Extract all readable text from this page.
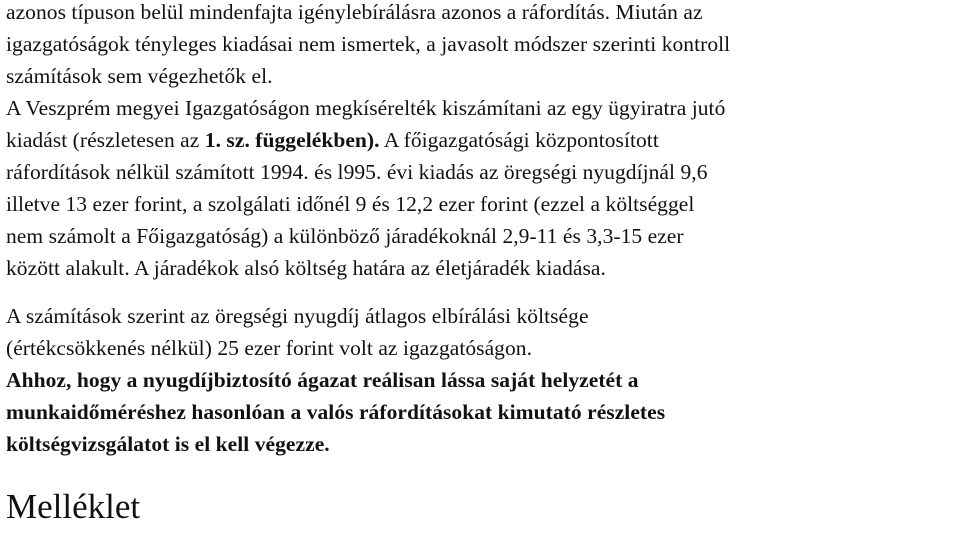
azonos típuson belül mindenfajta igénylebírálásra azonos a ráfordítás. Miután az
igazgatóságok tényleges kiadásai nem ismertek, a javasolt módszer szerinti kontroll
számítások sem végezhetők el.
A Veszprém megyei Igazgatóságon megkísérelték kiszámítani az egy ügyiratra jutó
kiadást (részletesen az 1. sz. függelékben). A főigazgatósági központosított
ráfordítások nélkül számított 1994. és l995. évi kiadás az öregségi nyugdíjnál 9,6
illetve 13 ezer forint, a szolgálati időnél 9 és 12,2 ezer forint (ezzel a költséggel
nem számolt a Főigazgatóság) a különböző járadékoknál 2,9-11 és 3,3-15 ezer
között alakult. A járadékok alsó költség határa az életjáradék kiadása.
A számítások szerint az öregségi nyugdíj átlagos elbírálási költsége
(értékcsökkenés nélkül) 25 ezer forint volt az igazgatóságon.
Ahhoz, hogy a nyugdíjbiztosító ágazat reálisan lássa saját helyzetét a
munkaidőméréshez hasonlóan a valós ráfordításokat kimutató részletes
költségvizsgálatot is el kell végezze.
Melléklet
